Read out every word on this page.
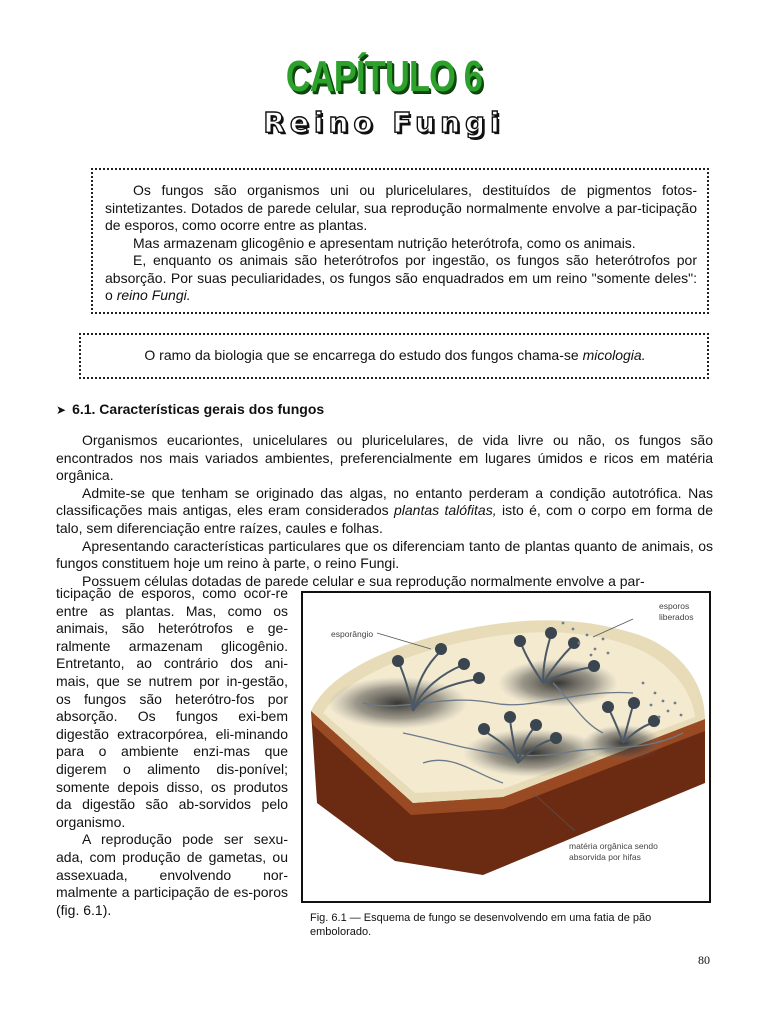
CAPÍTULO 6
Reino Fungi

Os fungos são organismos uni ou pluricelulares, destituídos de pigmentos fotos-sintetizantes. Dotados de parede celular, sua reprodução normalmente envolve a par-ticipação de esporos, como ocorre entre as plantas.

Mas armazenam glicogênio e apresentam nutrição heterótrofa, como os animais.

E, enquanto os animais são heterótrofos por ingestão, os fungos são heterótrofos por absorção. Por suas peculiaridades, os fungos são enquadrados em um reino "somente deles": o reino Fungi.

O ramo da biologia que se encarrega do estudo dos fungos chama-se micologia.
➤ 6.1. Características gerais dos fungos

Organismos eucariontes, unicelulares ou pluricelulares, de vida livre ou não, os fungos são encontrados nos mais variados ambientes, preferencialmente em lugares úmidos e ricos em matéria orgânica.

Admite-se que tenham se originado das algas, no entanto perderam a condição autotrófica. Nas classificações mais antigas, eles eram considerados plantas talófitas, isto é, com o corpo em forma de talo, sem diferenciação entre raízes, caules e folhas.

Apresentando características particulares que os diferenciam tanto de plantas quanto de animais, os fungos constituem hoje um reino à parte, o reino Fungi.

Possuem células dotadas de parede celular e sua reprodução normalmente envolve a par-

ticipação de esporos, como ocor-re entre as plantas. Mas, como os animais, são heterótrofos e ge-ralmente armazenam glicogênio. Entretanto, ao contrário dos ani-mais, que se nutrem por in-gestão, os fungos são heterótro-fos por absorção. Os fungos exi-bem digestão extracorpórea, eli-minando para o ambiente enzi-mas que digerem o alimento dis-ponível; somente depois disso, os produtos da digestão são ab-sorvidos pelo organismo.

A reprodução pode ser sexu-ada, com produção de gametas, ou assexuada, envolvendo nor-malmente a participação de es-poros (fig. 6.1).

esporângio
esporos
liberados
matéria orgânica sendo
absorvida por hifas
Fig. 6.1 — Esquema de fungo se desenvolvendo em uma fatia de pão embolorado.
80
